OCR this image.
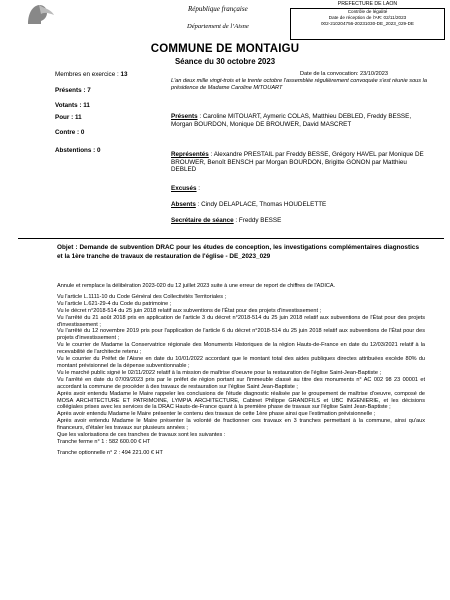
République française
Département de l’Aisne
PREFECTURE DE LAON
Contrôle de légalité
Date de réception de l'AR: 02/11/2023
002-210204756-20231030-DE_2023_029-DE
COMMUNE DE MONTAIGU
Séance du 30 octobre 2023
Membres en exercice : 13
Présents : 7
Votants : 11
Pour : 11
Contre : 0
Abstentions : 0
Date de la convocation: 23/10/2023
L'an deux mille vingt-trois et le trente octobre l'assemblée régulièrement convoquée s'est réunie sous la présidence de Madame Caroline MITOUART
Présents : Caroline MITOUART, Aymeric COLAS, Matthieu DEBLED, Freddy BESSE, Morgan BOURDON, Monique DE BROUWER, David MASCRET
Représentés : Alexandre PRESTAIL par Freddy BESSE, Grégory HAVEL par Monique DE BROUWER, Benoît BENSCH par Morgan BOURDON, Brigitte GONON par Matthieu DEBLED
Excusés :
Absents : Cindy DELAPLACE, Thomas HOUDELETTE
Secrétaire de séance : Freddy BESSE
Objet : Demande de subvention DRAC pour les études de conception, les investigations complémentaires diagnostics et la 1ère tranche de travaux de restauration de l'église - DE_2023_029

Annule et remplace la délibération 2023-020 du 12 juillet 2023 suite à une erreur de report de chiffres de l'ADICA.

Vu l'article L.1111-10 du Code Général des Collectivités Territoriales ;

Vu l'article L.621-29-4 du Code du patrimoine ;

Vu le décret n°2018-514 du 25 juin 2018 relatif aux subventions de l'État pour des projets d'investissement ;

Vu l'arrêté du 21 août 2018 pris en application de l'article 3 du décret n°2018-514 du 25 juin 2018 relatif aux subventions de l'État pour des projets d'investissement ;

Vu l'arrêté du 12 novembre 2019 pris pour l'application de l'article 6 du décret n°2018-514 du 25 juin 2018 relatif aux subventions de l'État pour des projets d'investissement ;

Vu le courrier de Madame la Conservatrice régionale des Monuments Historiques de la région Hauts-de-France en date du 12/03/2021 relatif à la recevabilité de l'architecte retenu ;

Vu le courrier du Préfet de l'Aisne en date du 10/01/2022 accordant que le montant total des aides publiques directes attribuées excède 80% du montant prévisionnel de la dépense subventionnable ;

Vu le marché public signé le 02/11/2022 relatif à la mission de maîtrise d'oeuvre pour la restauration de l'église Saint-Jean-Baptiste ;

Vu l'arrêté en date du 07/09/2023 pris par le préfet de région portant sur l'immeuble classé au titre des monuments n° AC 002 98 23 00001 et accordant la commune de procéder à des travaux de restauration sur l'église Saint Jean-Baptiste ;

Après avoir entendu Madame le Maire rappeler les conclusions de l'étude diagnostic réalisée par le groupement de maîtrise d'oeuvre, composé de MOSA ARCHITECTURE ET PATRIMOINE, LYMPIA ARCHITECTURE, Cabinet Philippe GRANDFILS et UBC INGENIERIE, et les décisions collégiales prises avec les services de la DRAC Hauts-de-France quant à la première phase de travaux sur l'église Saint Jean-Baptiste ;

Après avoir entendu Madame le Maire présenter le contenu des travaux de cette 1ère phase ainsi que l'estimation prévisionnelle ;

Après avoir entendu Madame le Maire présenter la volonté de fractionner ces travaux en 3 tranches permettant à la commune, ainsi qu'aux financeurs, d'étaler les travaux sur plusieurs années ;

Que les valorisations de ces tranches de travaux sont les suivantes :

Tranche ferme n° 1 : 582 600.00 € HT

Tranche optionnelle n° 2 : 494 221.00 € HT
